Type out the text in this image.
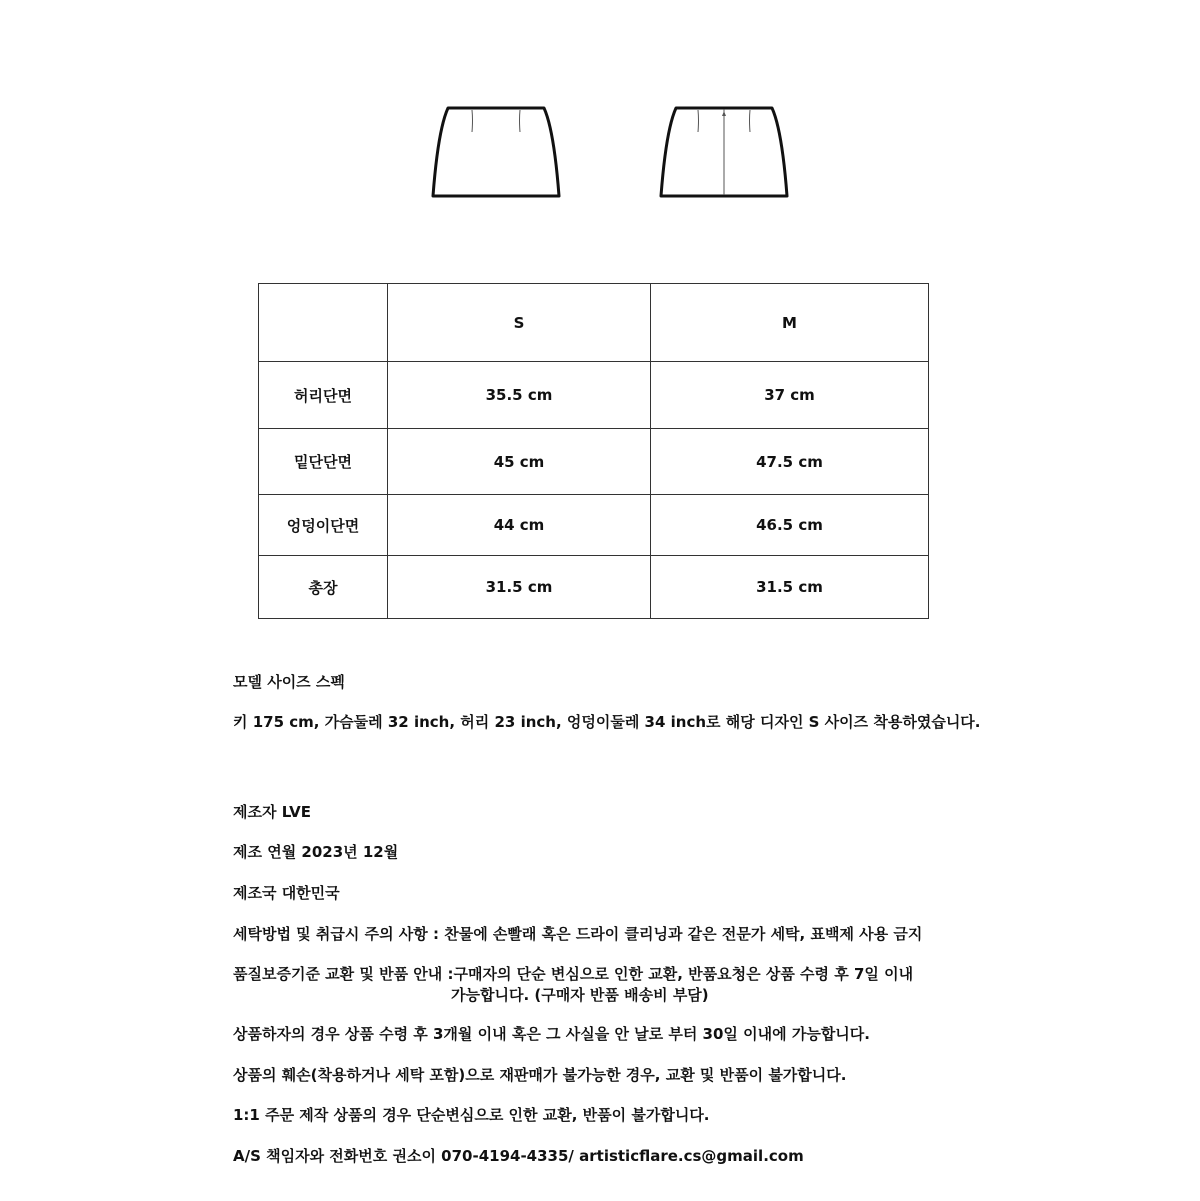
	S	M
허리단면	35.5 cm	37 cm
밑단단면	45 cm	47.5 cm
엉덩이단면	44 cm	46.5 cm
총장	31.5 cm	31.5 cm
모델 사이즈 스펙
키 175 cm, 가슴둘레 32 inch, 허리 23 inch, 엉덩이둘레 34 inch로 해당 디자인 S 사이즈 착용하였습니다.
제조자 LVE
제조 연월 2023년 12월
제조국 대한민국
세탁방법 및 취급시 주의 사항 : 찬물에 손빨래 혹은 드라이 클리닝과 같은 전문가 세탁, 표백제 사용 금지
품질보증기준 교환 및 반품 안내 :구매자의 단순 변심으로 인한 교환, 반품요청은 상품 수령 후 7일 이내
가능합니다. (구매자 반품 배송비 부담)
상품하자의 경우 상품 수령 후 3개월 이내 혹은 그 사실을 안 날로 부터 30일 이내에 가능합니다.
상품의 훼손(착용하거나 세탁 포함)으로 재판매가 불가능한 경우, 교환 및 반품이 불가합니다.
1:1 주문 제작 상품의 경우 단순변심으로 인한 교환, 반품이 불가합니다.
A/S 책임자와 전화번호 권소이 070-4194-4335/ artisticflare.cs@gmail.com
